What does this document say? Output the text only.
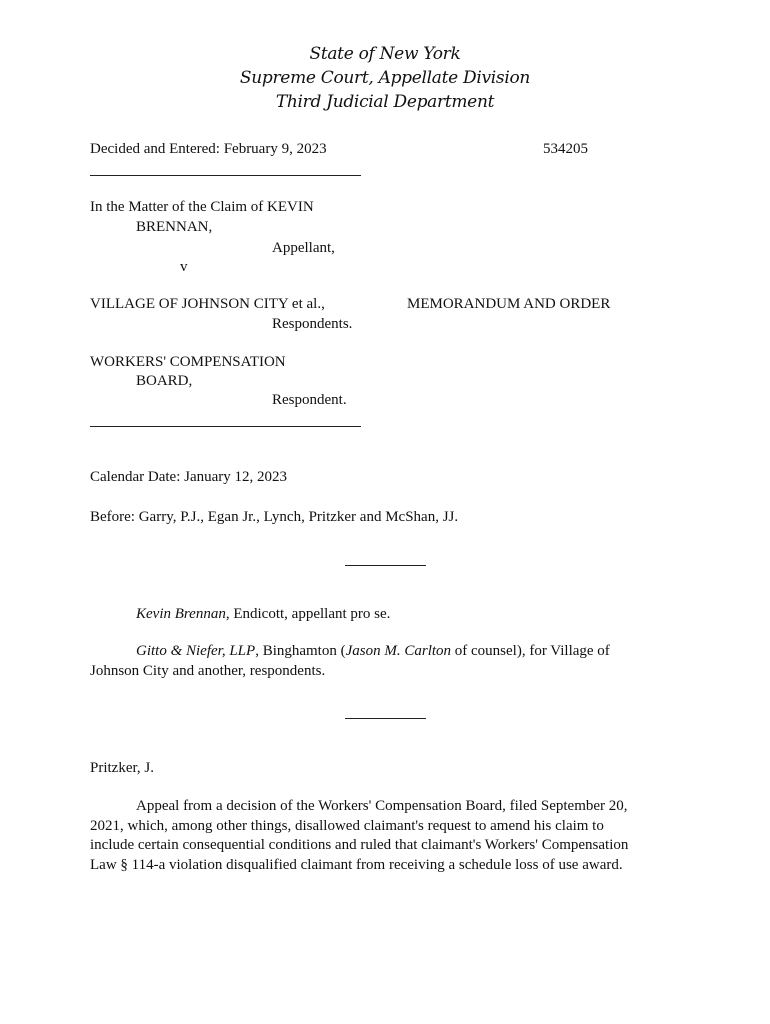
State of New York
Supreme Court, Appellate Division
Third Judicial Department
Decided and Entered: February 9, 2023	534205
In the Matter of the Claim of KEVIN
BRENNAN,
Appellant,
v
VILLAGE OF JOHNSON CITY et al.,	MEMORANDUM AND ORDER
Respondents.
WORKERS' COMPENSATION
BOARD,
Respondent.
Calendar Date: January 12, 2023
Before: Garry, P.J., Egan Jr., Lynch, Pritzker and McShan, JJ.
Kevin Brennan, Endicott, appellant pro se.
Gitto & Niefer, LLP, Binghamton (Jason M. Carlton of counsel), for Village of
Johnson City and another, respondents.
Pritzker, J.
Appeal from a decision of the Workers' Compensation Board, filed September 20,
2021, which, among other things, disallowed claimant's request to amend his claim to
include certain consequential conditions and ruled that claimant's Workers' Compensation
Law § 114-a violation disqualified claimant from receiving a schedule loss of use award.
